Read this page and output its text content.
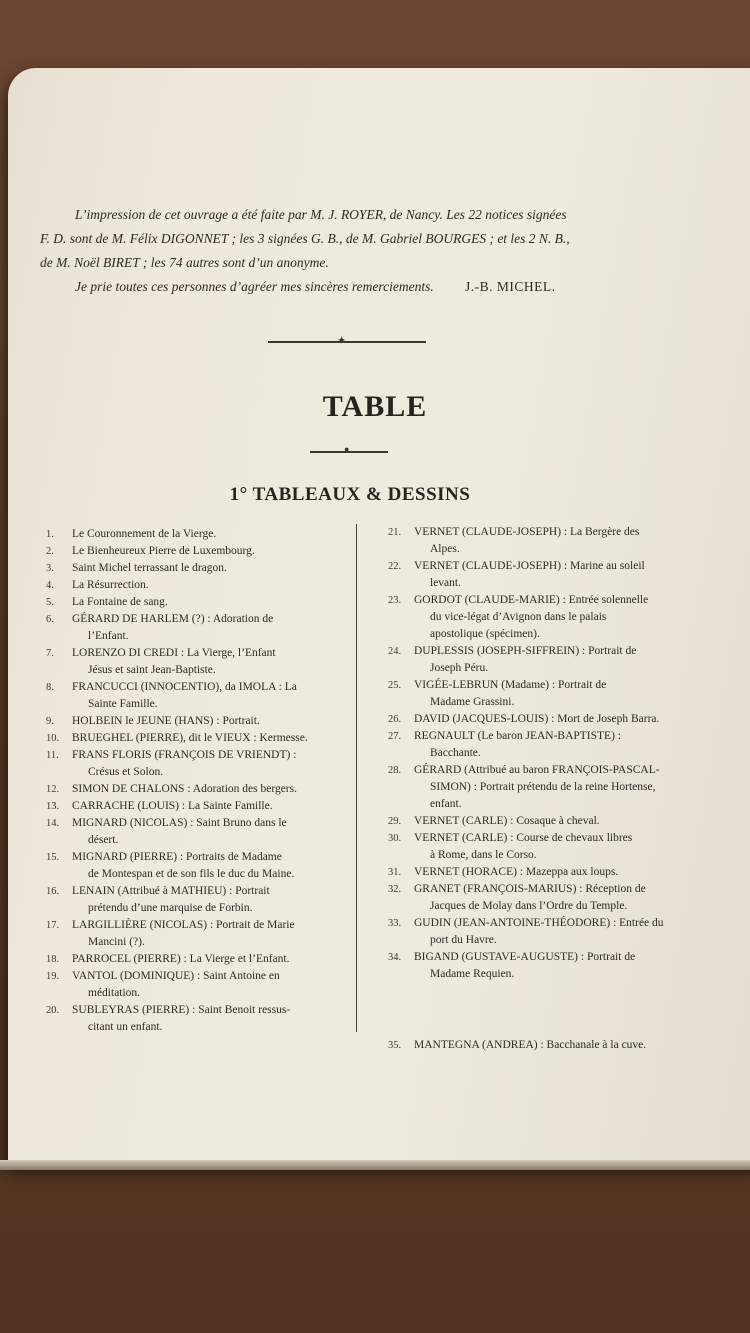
L’impression de cet ouvrage a été faite par M. J. ROYER, de Nancy. Les 22 notices signées

F. D. sont de M. Félix DIGONNET ; les 3 signées G. B., de M. Gabriel BOURGES ; et les 2 N. B.,

de M. Noël BIRET ; les 74 autres sont d’un anonyme.

Je prie toutes ces personnes d’agréer mes sincères remerciements.	J.-B. MICHEL.
✦
TABLE
●
1° TABLEAUX & DESSINS
1.	Le Couronnement de la Vierge.
2.	Le Bienheureux Pierre de Luxembourg.
3.	Saint Michel terrassant le dragon.
4.	La Résurrection.
5.	La Fontaine de sang.
6.	GÉRARD DE HARLEM (?) : Adoration de
l’Enfant.
7.	LORENZO DI CREDI : La Vierge, l’Enfant
Jésus et saint Jean-Baptiste.
8.	FRANCUCCI (INNOCENTIO), da IMOLA : La
Sainte Famille.
9.	HOLBEIN le JEUNE (HANS) : Portrait.
10.	BRUEGHEL (PIERRE), dit le VIEUX : Kermesse.
11.	FRANS FLORIS (FRANÇOIS DE VRIENDT) :
Crésus et Solon.
12.	SIMON DE CHALONS : Adoration des bergers.
13.	CARRACHE (LOUIS) : La Sainte Famille.
14.	MIGNARD (NICOLAS) : Saint Bruno dans le
désert.
15.	MIGNARD (PIERRE) : Portraits de Madame
de Montespan et de son fils le duc du Maine.
16.	LENAIN (Attribué à MATHIEU) : Portrait
prétendu d’une marquise de Forbin.
17.	LARGILLIÈRE (NICOLAS) : Portrait de Marie
Mancini (?).
18.	PARROCEL (PIERRE) : La Vierge et l’Enfant.
19.	VANTOL (DOMINIQUE) : Saint Antoine en
méditation.
20.	SUBLEYRAS (PIERRE) : Saint Benoit ressus-
citant un enfant.
21.	VERNET (CLAUDE-JOSEPH) : La Bergère des
Alpes.
22.	VERNET (CLAUDE-JOSEPH) : Marine au soleil
levant.
23.	GORDOT (CLAUDE-MARIE) : Entrée solennelle
du vice-légat d’Avignon dans le palais
apostolique (spécimen).
24.	DUPLESSIS (JOSEPH-SIFFREIN) : Portrait de
Joseph Péru.
25.	VIGÉE-LEBRUN (Madame) : Portrait de
Madame Grassini.
26.	DAVID (JACQUES-LOUIS) : Mort de Joseph Barra.
27.	REGNAULT (Le baron JEAN-BAPTISTE) :
Bacchante.
28.	GÉRARD (Attribué au baron FRANÇOIS-PASCAL-
SIMON) : Portrait prétendu de la reine Hortense,
enfant.
29.	VERNET (CARLE) : Cosaque à cheval.
30.	VERNET (CARLE) : Course de chevaux libres
à Rome, dans le Corso.
31.	VERNET (HORACE) : Mazeppa aux loups.
32.	GRANET (FRANÇOIS-MARIUS) : Réception de
Jacques de Molay dans l’Ordre du Temple.
33.	GUDIN (JEAN-ANTOINE-THÉODORE) : Entrée du
port du Havre.
34.	BIGAND (GUSTAVE-AUGUSTE) : Portrait de
Madame Requien.
35.	MANTEGNA (ANDREA) : Bacchanale à la cuve.
